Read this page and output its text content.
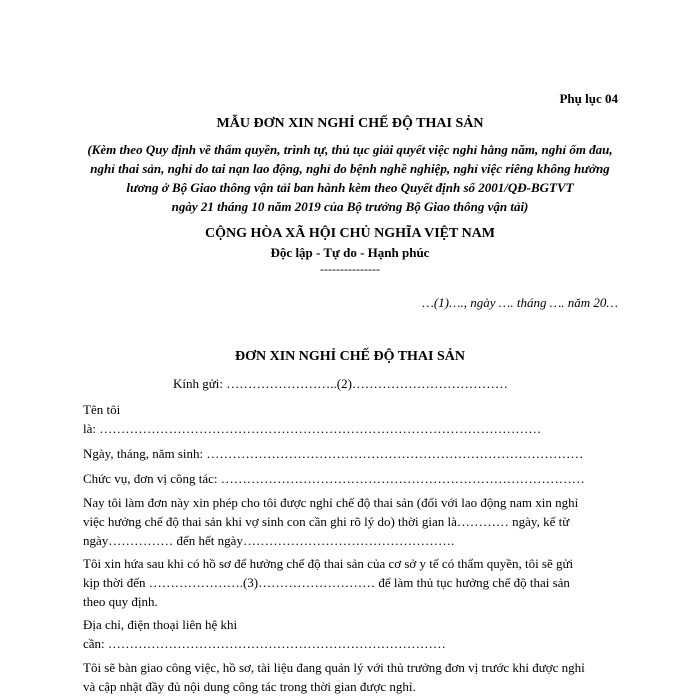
Phụ lục 04
MẪU ĐƠN XIN NGHỈ CHẾ ĐỘ THAI SẢN
(Kèm theo Quy định về thẩm quyền, trình tự, thủ tục giải quyết việc nghỉ hằng năm, nghỉ ốm đau,
nghỉ thai sản, nghỉ do tai nạn lao động, nghỉ do bệnh nghề nghiệp, nghỉ việc riêng không hưởng
lương ở Bộ Giao thông vận tải ban hành kèm theo Quyết định số 2001/QĐ-BGTVT
ngày 21 tháng 10 năm 2019 của Bộ trưởng Bộ Giao thông vận tải)
CỘNG HÒA XÃ HỘI CHỦ NGHĨA VIỆT NAM
Độc lập - Tự do - Hạnh phúc
---------------
…(1)…., ngày …. tháng …. năm 20…
ĐƠN XIN NGHỈ CHẾ ĐỘ THAI SẢN
Kính gửi: ……………………..(2)………………………………
Tên tôi
là: …………………………………………………………………………………………
Ngày, tháng, năm sinh: ……………………………………………………………………………
Chức vụ, đơn vị công tác: …………………………………………………………………………
Nay tôi làm đơn này xin phép cho tôi được nghỉ chế độ thai sản (đối với lao động nam xin nghỉ
việc hưởng chế độ thai sản khi vợ sinh con cần ghi rõ lý do) thời gian là………… ngày, kể từ
ngày…………… đến hết ngày………………………………………….
Tôi xin hứa sau khi có hồ sơ để hưởng chế độ thai sản của cơ sở y tế có thẩm quyền, tôi sẽ gửi
kịp thời đến ………………….(3)……………………… để làm thủ tục hưởng chế độ thai sản
theo quy định.
Địa chỉ, điện thoại liên hệ khi
cần: ……………………………………………………………………
Tôi sẽ bàn giao công việc, hồ sơ, tài liệu đang quản lý với thủ trưởng đơn vị trước khi được nghỉ
và cập nhật đầy đủ nội dung công tác trong thời gian được nghỉ.
